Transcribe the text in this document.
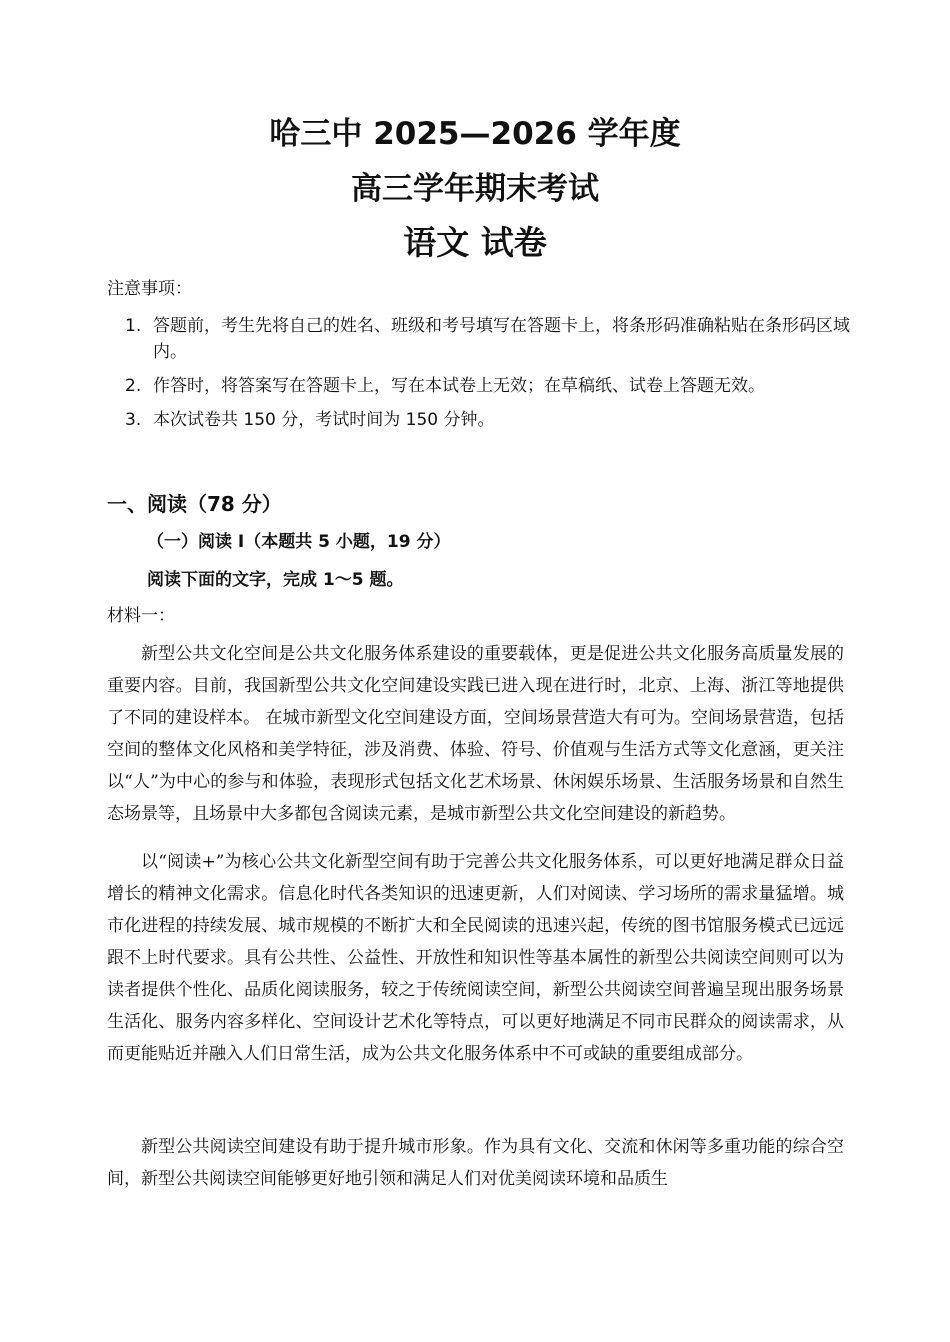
哈三中 2025—2026 学年度
高三学年期末考试
语文 试卷
注意事项：
1. 答题前，考生先将自己的姓名、班级和考号填写在答题卡上，将条形码准确粘贴在条形码区域内。
2. 作答时，将答案写在答题卡上，写在本试卷上无效；在草稿纸、试卷上答题无效。
3. 本次试卷共 150 分，考试时间为 150 分钟。
一、阅读（78 分）
（一）阅读 I（本题共 5 小题，19 分）
阅读下面的文字，完成 1～5 题。
材料一：

新型公共文化空间是公共文化服务体系建设的重要载体，更是促进公共文化服务高质量发展的重要内容。目前，我国新型公共文化空间建设实践已进入现在进行时，北京、上海、浙江等地提供了不同的建设样本。 在城市新型文化空间建设方面，空间场景营造大有可为。空间场景营造，包括空间的整体文化风格和美学特征，涉及消费、体验、符号、价值观与生活方式等文化意涵，更关注以“人”为中心的参与和体验，表现形式包括文化艺术场景、休闲娱乐场景、生活服务场景和自然生态场景等，且场景中大多都包含阅读元素，是城市新型公共文化空间建设的新趋势。

以“阅读+”为核心公共文化新型空间有助于完善公共文化服务体系，可以更好地满足群众日益增长的精神文化需求。信息化时代各类知识的迅速更新，人们对阅读、学习场所的需求量猛增。城市化进程的持续发展、城市规模的不断扩大和全民阅读的迅速兴起，传统的图书馆服务模式已远远跟不上时代要求。具有公共性、公益性、开放性和知识性等基本属性的新型公共阅读空间则可以为读者提供个性化、品质化阅读服务，较之于传统阅读空间，新型公共阅读空间普遍呈现出服务场景生活化、服务内容多样化、空间设计艺术化等特点，可以更好地满足不同市民群众的阅读需求，从而更能贴近并融入人们日常生活，成为公共文化服务体系中不可或缺的重要组成部分。

新型公共阅读空间建设有助于提升城市形象。作为具有文化、交流和休闲等多重功能的综合空间，新型公共阅读空间能够更好地引领和满足人们对优美阅读环境和品质生
